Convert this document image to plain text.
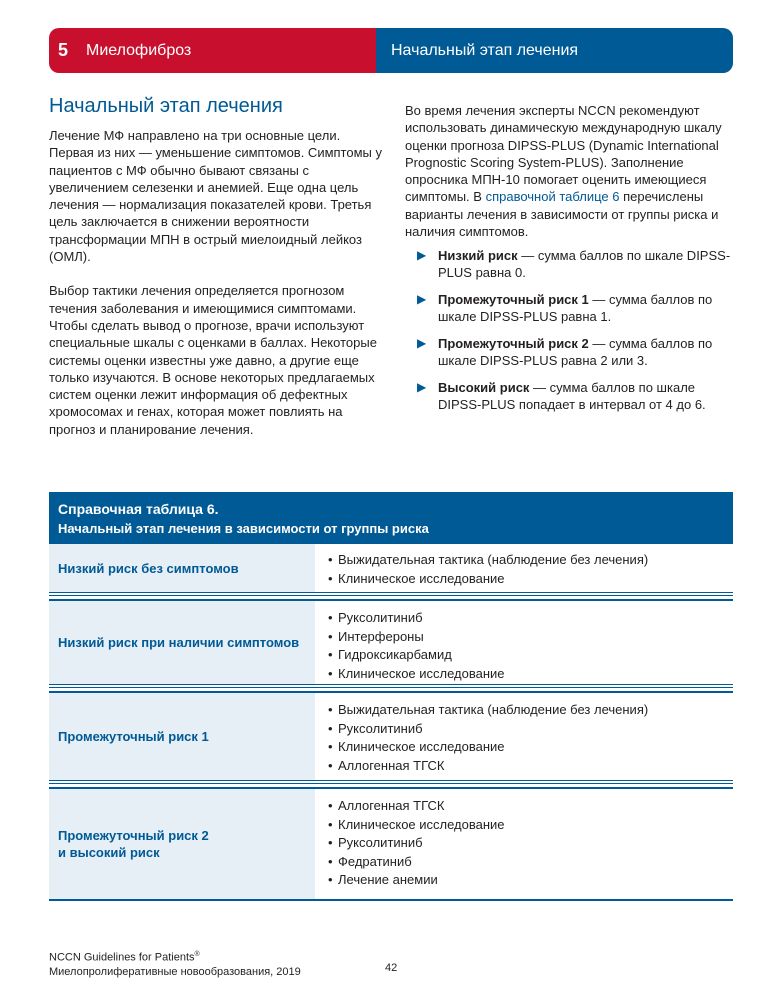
5	Миелофиброз	Начальный этап лечения
Начальный этап лечения

Лечение МФ направлено на три основные цели. Первая из них — уменьшение симптомов. Симптомы у пациентов с МФ обычно бывают связаны с увеличением селезенки и анемией. Еще одна цель лечения — нормализация показателей крови. Третья цель заключается в снижении вероятности трансформации МПН в острый миелоидный лейкоз (ОМЛ).

Выбор тактики лечения определяется прогнозом течения заболевания и имеющимися симптомами. Чтобы сделать вывод о прогнозе, врачи используют специальные шкалы с оценками в баллах. Некоторые системы оценки известны уже давно, а другие еще только изучаются. В основе некоторых предлагаемых систем оценки лежит информация об дефектных хромосомах и генах, которая может повлиять на прогноз и планирование лечения.

Во время лечения эксперты NCCN рекомендуют использовать динамическую международную шкалу оценки прогноза DIPSS-PLUS (Dynamic International Prognostic Scoring System-PLUS). Заполнение опросника МПН-10 помогает оценить имеющиеся симптомы. В справочной таблице 6 перечислены варианты лечения в зависимости от группы риска и наличия симптомов.

▶ Низкий риск — сумма баллов по шкале DIPSS-PLUS равна 0.
▶ Промежуточный риск 1 — сумма баллов по шкале DIPSS-PLUS равна 1.
▶ Промежуточный риск 2 — сумма баллов по шкале DIPSS-PLUS равна 2 или 3.
▶ Высокий риск — сумма баллов по шкале DIPSS-PLUS попадает в интервал от 4 до 6.
Справочная таблица 6.
Начальный этап лечения в зависимости от группы риска
Низкий риск без симптомов
• Выжидательная тактика (наблюдение без лечения)
• Клиническое исследование
Низкий риск при наличии симптомов
• Руксолитиниб
• Интерфероны
• Гидроксикарбамид
• Клиническое исследование
Промежуточный риск 1
• Выжидательная тактика (наблюдение без лечения)
• Руксолитиниб
• Клиническое исследование
• Аллогенная ТГСК
Промежуточный риск 2
и высокий риск
• Аллогенная ТГСК
• Клиническое исследование
• Руксолитиниб
• Федратиниб
• Лечение анемии
NCCN Guidelines for Patients®
Миелопролиферативные новообразования, 2019	42
